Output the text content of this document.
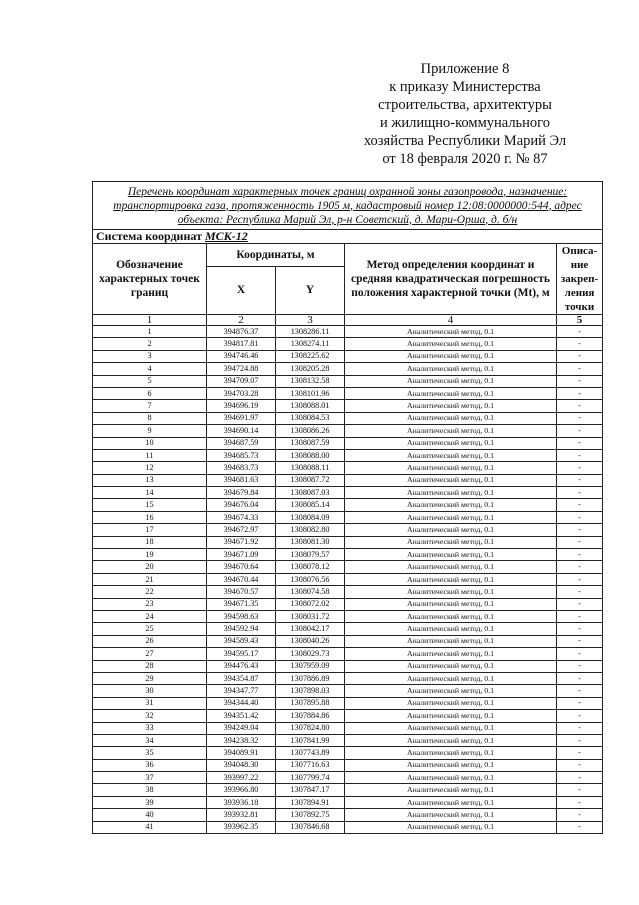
Приложение 8
к приказу Министерства
строительства, архитектуры
и жилищно-коммунального
хозяйства Республики Марий Эл
от 18 февраля 2020 г. № 87
Перечень координат характерных точек границ охранной зоны газопровода, назначение: транспортировка газа, протяженность 1905 м, кадастровый номер 12:08:0000000:544, адрес объекта: Республика Марий Эл, р-н Советский, д. Мари-Орша, д. б/н				
Система координат МСК-12				
Обозначение характерных точек границ	Координаты, м		Метод определения координат и средняя квадратическая погрешность положения характерной точки (Mt), м	Описа-ние закреп-ления точки
	X	Y		
1	2	3	4	5
1	394876.37	1308286.11	Аналитический метод, 0.1	-
2	394817.81	1308274.11	Аналитический метод, 0.1	-
3	394746.46	1308225.62	Аналитический метод, 0.1	-
4	394724.88	1308205.28	Аналитический метод, 0.1	-
5	394709.07	1308132.58	Аналитический метод, 0.1	-
6	394703.28	1308101.96	Аналитический метод, 0.1	-
7	394696.19	1308088.01	Аналитический метод, 0.1	-
8	394691.97	1308084.53	Аналитический метод, 0.1	-
9	394690.14	1308086.26	Аналитический метод, 0.1	-
10	394687.59	1308087.59	Аналитический метод, 0.1	-
11	394685.73	1308088.00	Аналитический метод, 0.1	-
12	394683.73	1308088.11	Аналитический метод, 0.1	-
13	394681.63	1308087.72	Аналитический метод, 0.1	-
14	394679.84	1308087.03	Аналитический метод, 0.1	-
15	394676.04	1308085.14	Аналитический метод, 0.1	-
16	394674.33	1308084.09	Аналитический метод, 0.1	-
17	394672.97	1308082.80	Аналитический метод, 0.1	-
18	394671.92	1308081.30	Аналитический метод, 0.1	-
19	394671.09	1308079.57	Аналитический метод, 0.1	-
20	394670.64	1308078.12	Аналитический метод, 0.1	-
21	394670.44	1308076.56	Аналитический метод, 0.1	-
22	394670.57	1308074.58	Аналитический метод, 0.1	-
23	394671.35	1308072.02	Аналитический метод, 0.1	-
24	394598.63	1308031.72	Аналитический метод, 0.1	-
25	394592.94	1308042.17	Аналитический метод, 0.1	-
26	394589.43	1308040.26	Аналитический метод, 0.1	-
27	394595.17	1308029.73	Аналитический метод, 0.1	-
28	394476.43	1307959.09	Аналитический метод, 0.1	-
29	394354.87	1307886.89	Аналитический метод, 0.1	-
30	394347.77	1307898.03	Аналитический метод, 0.1	-
31	394344.40	1307895.88	Аналитический метод, 0.1	-
32	394351.42	1307884.86	Аналитический метод, 0.1	-
33	394249.04	1307824.80	Аналитический метод, 0.1	-
34	394238.32	1307841.99	Аналитический метод, 0.1	-
35	394089.91	1307743.89	Аналитический метод, 0.1	-
36	394048.30	1307716.63	Аналитический метод, 0.1	-
37	393997.22	1307799.74	Аналитический метод, 0.1	-
38	393966.80	1307847.17	Аналитический метод, 0.1	-
39	393936.18	1307894.91	Аналитический метод, 0.1	-
40	393932.81	1307892.75	Аналитический метод, 0.1	-
41	393962.35	1307846.68	Аналитический метод, 0.1	-
